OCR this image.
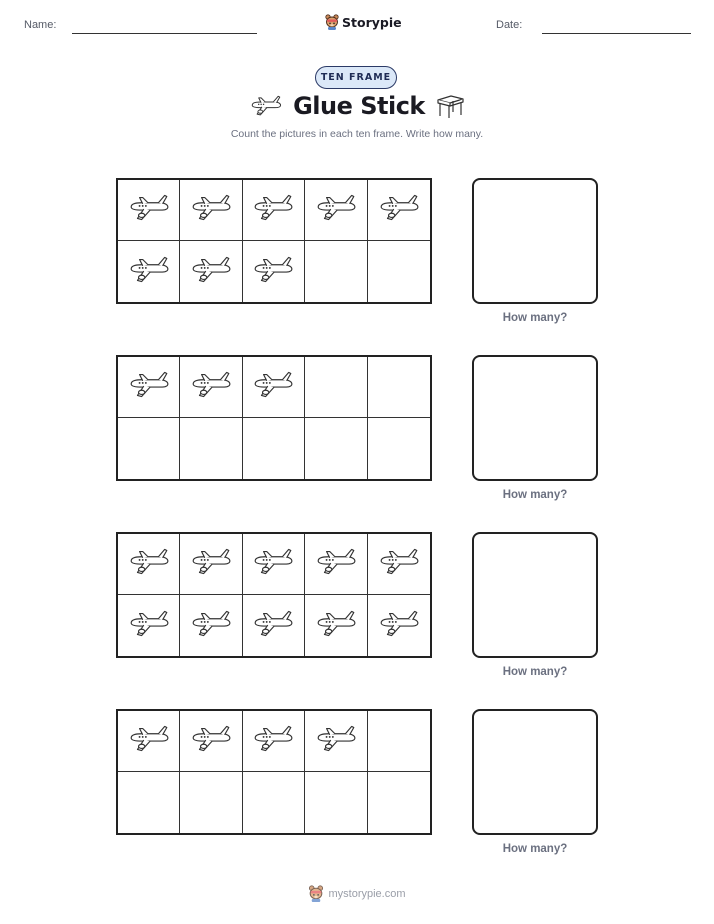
Name:	Storypie	Date:
TEN FRAME
Glue Stick
Count the pictures in each ten frame. Write how many.
How many?
How many?
How many?
How many?
mystorypie.com
